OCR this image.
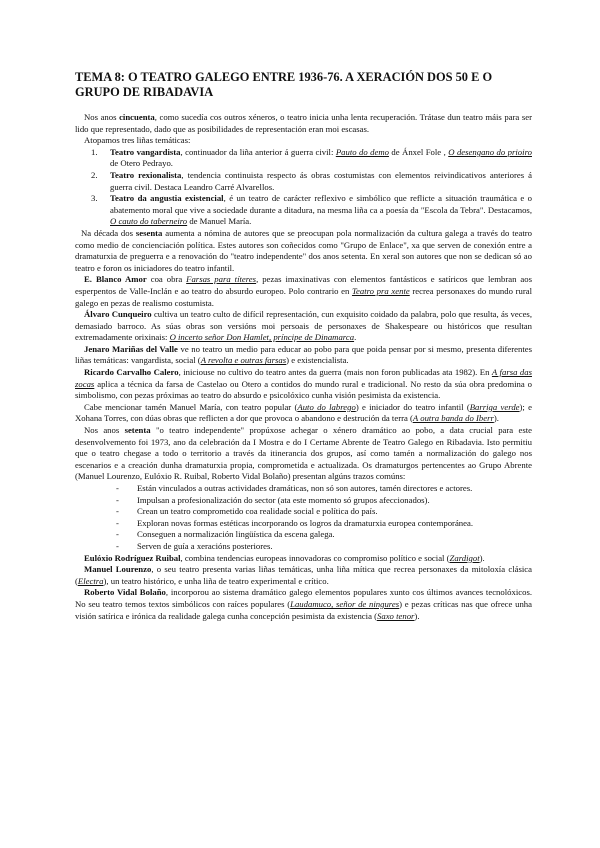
TEMA 8: O TEATRO GALEGO ENTRE 1936-76. A XERACIÓN DOS 50 E O GRUPO DE RIBADAVIA

Nos anos cincuenta, como sucedía cos outros xéneros, o teatro inicia unha lenta recuperación. Trátase dun teatro máis para ser lido que representado, dado que as posibilidades de representación eran moi escasas.

Atopamos tres liñas temáticas:

1. Teatro vangardista, continuador da liña anterior á guerra civil: Pauto do demo de Ánxel Fole , O desengano do prioiro de Otero Pedrayo.
2. Teatro rexionalista, tendencia continuista respecto ás obras costumistas con elementos reivindicativos anteriores á guerra civil. Destaca Leandro Carré Alvarellos.
3. Teatro da angustia existencial, é un teatro de carácter reflexivo e simbólico que reflicte a situación traumática e o abatemento moral que vive a sociedade durante a ditadura, na mesma liña ca a poesía da "Escola da Tebra". Destacamos, O cauto do taberneiro de Manuel María.

Na década dos sesenta aumenta a nómina de autores que se preocupan pola normalización da cultura galega a través do teatro como medio de concienciación política. Estes autores son coñecidos como "Grupo de Enlace", xa que serven de conexión entre a dramaturxia de preguerra e a renovación do "teatro independente" dos anos setenta. En xeral son autores que non se dedican só ao teatro e foron os iniciadores do teatro infantil.

E. Blanco Amor coa obra Farsas para títeres, pezas imaxinativas con elementos fantásticos e satíricos que lembran aos esperpentos de Valle-Inclán e ao teatro do absurdo europeo. Polo contrario en Teatro pra xente recrea personaxes do mundo rural galego en pezas de realismo costumista.

Álvaro Cunqueiro cultiva un teatro culto de difícil representación, cun exquisito coidado da palabra, polo que resulta, ás veces, demasiado barroco. As súas obras son versións moi persoais de personaxes de Shakespeare ou históricos que resultan extremadamente orixinais: O incerto señor Don Hamlet, príncipe de Dinamarca.

Jenaro Mariñas del Valle ve no teatro un medio para educar ao pobo para que poida pensar por si mesmo, presenta diferentes liñas temáticas: vangardista, social (A revolta e outras farsas) e existencialista.

Ricardo Carvalho Calero, iniciouse no cultivo do teatro antes da guerra (mais non foron publicadas ata 1982). En A farsa das zocas aplica a técnica da farsa de Castelao ou Otero a contidos do mundo rural e tradicional. No resto da súa obra predomina o simbolismo, con pezas próximas ao teatro do absurdo e psicolóxico cunha visión pesimista da existencia.

Cabe mencionar tamén Manuel María, con teatro popular (Auto do labrego) e iniciador do teatro infantil (Barriga verde); e Xohana Torres, con dúas obras que reflicten a dor que provoca o abandono e destrución da terra (A outra banda do Iberr).

Nos anos setenta "o teatro independente" propúxose achegar o xénero dramático ao pobo, a data crucial para este desenvolvemento foi 1973, ano da celebración da I Mostra e do I Certame Abrente de Teatro Galego en Ribadavia. Isto permitiu que o teatro chegase a todo o territorio a través da itinerancia dos grupos, así como tamén a normalización do galego nos escenarios e a creación dunha dramaturxia propia, comprometida e actualizada. Os dramaturgos pertencentes ao Grupo Abrente (Manuel Lourenzo, Eulóxio R. Ruibal, Roberto Vidal Bolaño) presentan algúns trazos comúns:

- Están vinculados a outras actividades dramáticas, non só son autores, tamén directores e actores.
- Impulsan a profesionalización do sector (ata este momento só grupos afeccionados).
- Crean un teatro comprometido coa realidade social e política do país.
- Exploran novas formas estéticas incorporando os logros da dramaturxia europea contemporánea.
- Conseguen a normalización lingüística da escena galega.
- Serven de guía a xeracións posteriores.

Eulóxio Rodríguez Ruibal, combina tendencias europeas innovadoras co compromiso político e social (Zardigot).

Manuel Lourenzo, o seu teatro presenta varias liñas temáticas, unha liña mítica que recrea personaxes da mitoloxía clásica (Electra), un teatro histórico, e unha liña de teatro experimental e crítico.

Roberto Vidal Bolaño, incorporou ao sistema dramático galego elementos populares xunto cos últimos avances tecnolóxicos. No seu teatro temos textos simbólicos con raíces populares (Laudamuco, señor de ningures) e pezas críticas nas que ofrece unha visión satírica e irónica da realidade galega cunha concepción pesimista da existencia (Saxo tenor).
